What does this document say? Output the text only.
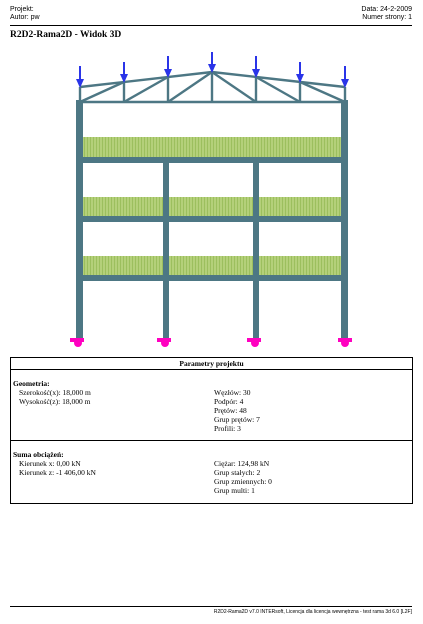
Projekt:
Autor: pw
Data: 24-2-2009
Numer strony: 1
R2D2-Rama2D - Widok 3D
Parametry projektu
Geometria:
Szerokość(x): 18,000 m
Wysokość(z): 18,000 m
Węzłów: 30
Podpór: 4
Prętów: 48
Grup prętów: 7
Profili: 3
Suma obciążeń:
Kierunek x: 0,00 kN
Kierunek z: -1 406,00 kN
Ciężar: 124,98 kN
Grup stałych: 2
Grup zmiennych: 0
Grup multi: 1
R2D2-Rama2D v7.0 INTERsoft, Licencja dla licencja wewnętrzna - test rama 3d 6.0 [L2F]
